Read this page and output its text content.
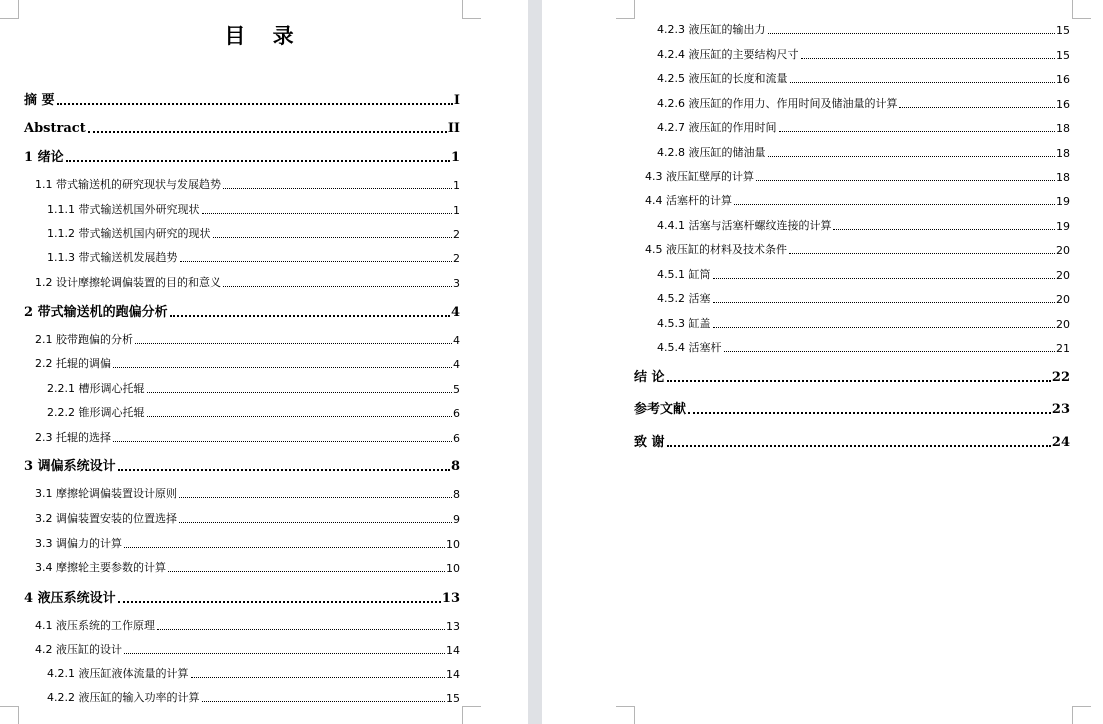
目 录
摘 要	I
Abstract	II
1 绪论	1
1.1 带式输送机的研究现状与发展趋势	1
1.1.1 带式输送机国外研究现状	1
1.1.2 带式输送机国内研究的现状	2
1.1.3 带式输送机发展趋势	2
1.2 设计摩擦轮调偏装置的目的和意义	3
2 带式输送机的跑偏分析	4
2.1 胶带跑偏的分析	4
2.2 托辊的调偏	4
2.2.1 槽形调心托辊	5
2.2.2 锥形调心托辊	6
2.3 托辊的选择	6
3 调偏系统设计	8
3.1 摩擦轮调偏装置设计原则	8
3.2 调偏装置安装的位置选择	9
3.3 调偏力的计算	10
3.4 摩擦轮主要参数的计算	10
4 液压系统设计	13
4.1 液压系统的工作原理	13
4.2 液压缸的设计	14
4.2.1 液压缸液体流量的计算	14
4.2.2 液压缸的输入功率的计算	15
4.2.3 液压缸的输出力	15
4.2.4 液压缸的主要结构尺寸	15
4.2.5 液压缸的长度和流量	16
4.2.6 液压缸的作用力、作用时间及储油量的计算	16
4.2.7 液压缸的作用时间	18
4.2.8 液压缸的储油量	18
4.3 液压缸壁厚的计算	18
4.4 活塞杆的计算	19
4.4.1 活塞与活塞杆螺纹连接的计算	19
4.5 液压缸的材料及技术条件	20
4.5.1 缸筒	20
4.5.2 活塞	20
4.5.3 缸盖	20
4.5.4 活塞杆	21
结 论	22
参考文献	23
致 谢	24
